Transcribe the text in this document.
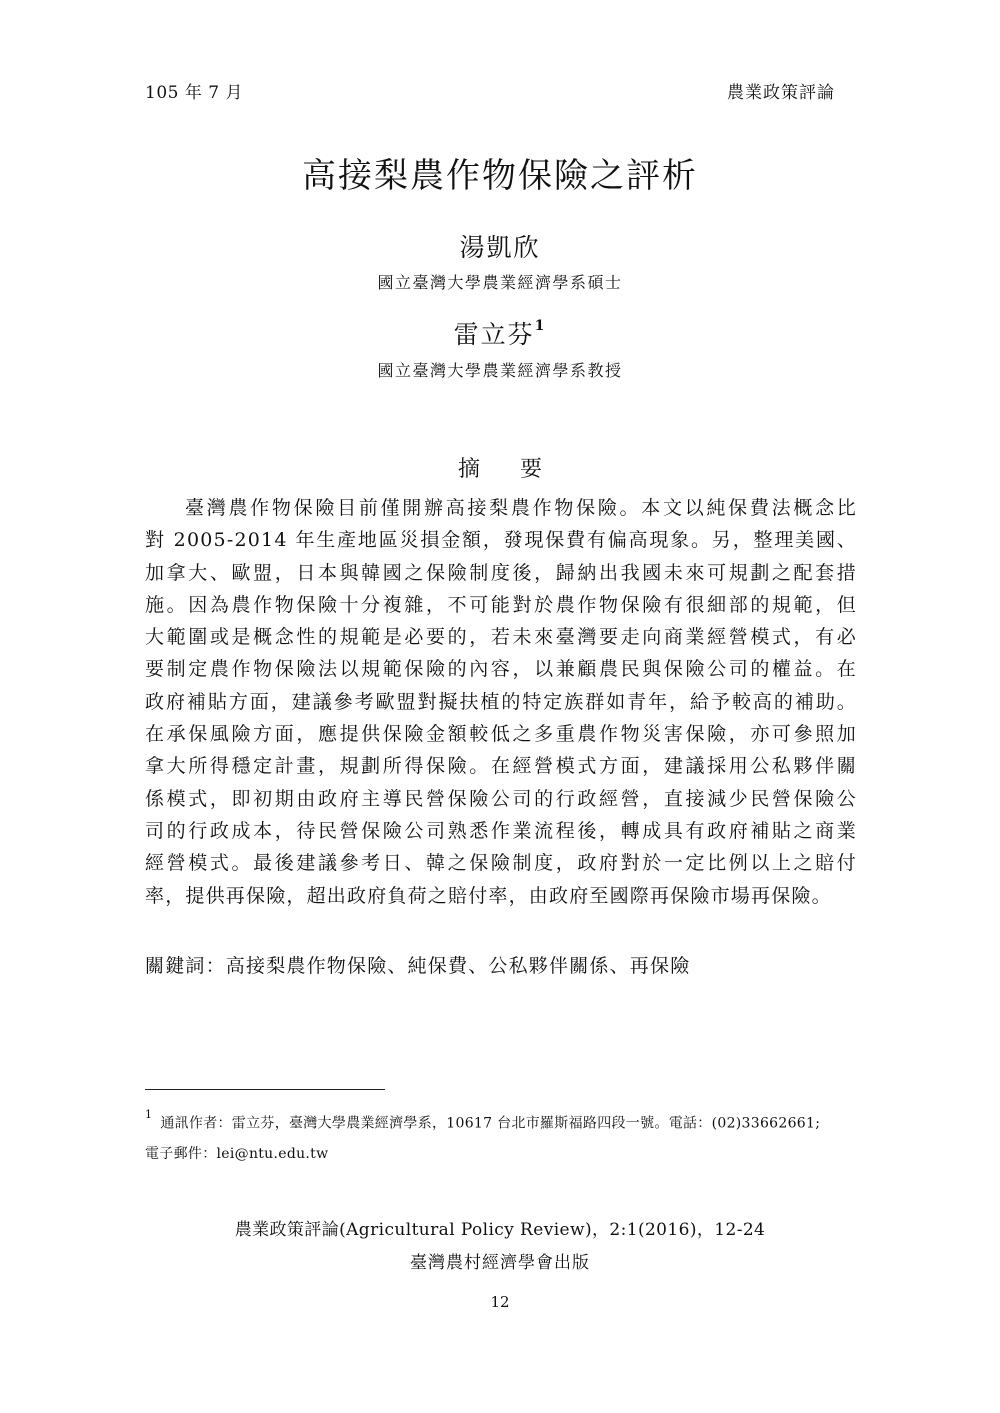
105 年 7 月	農業政策評論
高接梨農作物保險之評析
湯凱欣
國立臺灣大學農業經濟學系碩士
雷立芬$^1$
國立臺灣大學農業經濟學系教授
摘要
臺灣農作物保險目前僅開辦高接梨農作物保險。本文以純保費法概念比
對 2005-2014 年生產地區災損金額，發現保費有偏高現象。另，整理美國、
加拿大、歐盟，日本與韓國之保險制度後，歸納出我國未來可規劃之配套措
施。因為農作物保險十分複雜，不可能對於農作物保險有很細部的規範，但
大範圍或是概念性的規範是必要的，若未來臺灣要走向商業經營模式，有必
要制定農作物保險法以規範保險的內容，以兼顧農民與保險公司的權益。在
政府補貼方面，建議參考歐盟對擬扶植的特定族群如青年，給予較高的補助。
在承保風險方面，應提供保險金額較低之多重農作物災害保險，亦可參照加
拿大所得穩定計畫，規劃所得保險。在經營模式方面，建議採用公私夥伴關
係模式，即初期由政府主導民營保險公司的行政經營，直接減少民營保險公
司的行政成本，待民營保險公司熟悉作業流程後，轉成具有政府補貼之商業
經營模式。最後建議參考日、韓之保險制度，政府對於一定比例以上之賠付
率，提供再保險，超出政府負荷之賠付率，由政府至國際再保險市場再保險。
關鍵詞：高接梨農作物保險、純保費、公私夥伴關係、再保險
$^1$通訊作者：雷立芬，臺灣大學農業經濟學系，10617 台北市羅斯福路四段一號。電話：(02)33662661;
電子郵件：lei@ntu.edu.tw
農業政策評論(Agricultural Policy Review)，2:1(2016)，12-24
臺灣農村經濟學會出版
12
